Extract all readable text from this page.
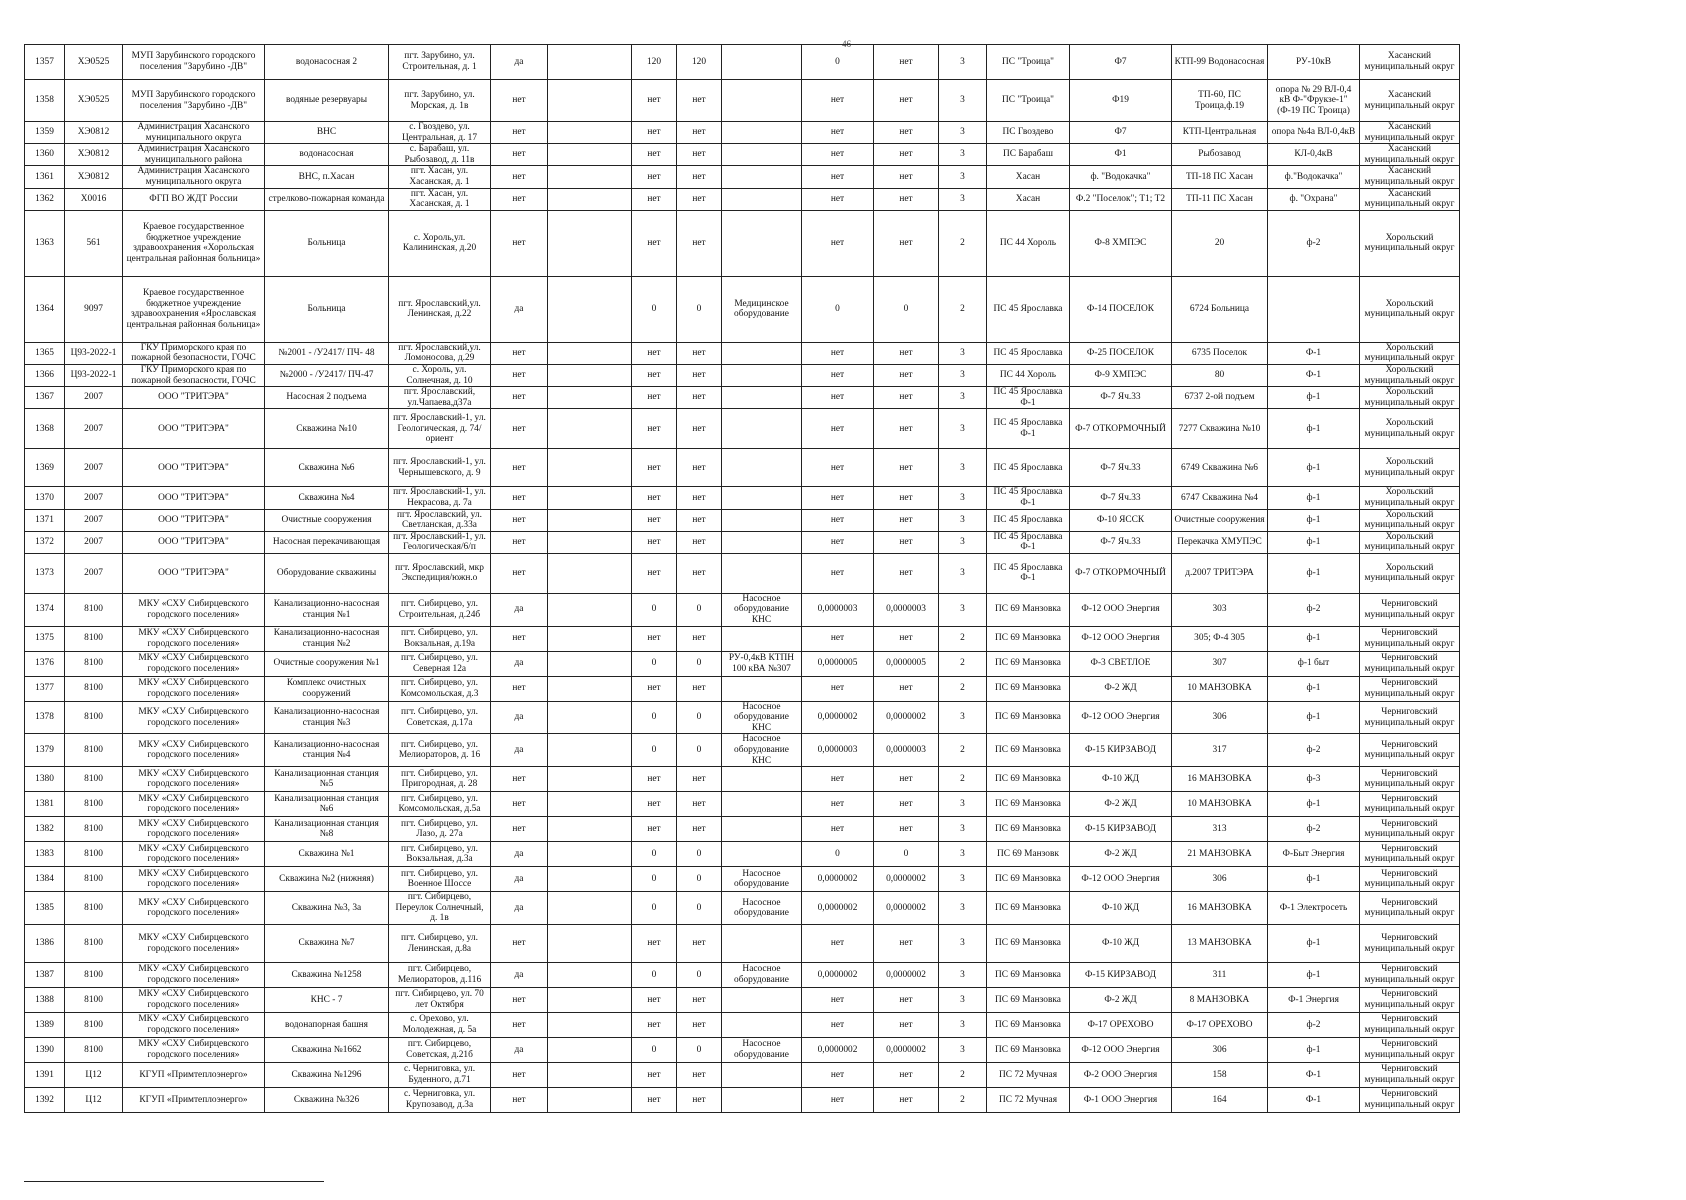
46
1357	ХЭ0525	МУП Зарубинского городского поселения "Зарубино -ДВ"	водонасосная 2	пгт. Зарубино, ул. Строительная, д. 1	да		120	120		0	нет	3	ПС "Троица"	Ф7	КТП-99 Водонасосная	РУ-10кВ	Хасанский муниципальный округ
1358	ХЭ0525	МУП Зарубинского городского поселения "Зарубино -ДВ"	водяные резервуары	пгт. Зарубино, ул. Морская, д. 1в	нет		нет	нет		нет	нет	3	ПС "Троица"	Ф19	ТП-60, ПС Троица,ф.19	опора № 29 ВЛ-0,4 кВ Ф-"Фрукзе-1"(Ф-19 ПС Троица)	Хасанский муниципальный округ
1359	ХЭ0812	Администрация Хасанского муниципального округа	ВНС	с. Гвоздево, ул. Центральная, д. 17	нет		нет	нет		нет	нет	3	ПС Гвоздево	Ф7	КТП-Центральная	опора №4а ВЛ-0,4кВ	Хасанский муниципальный округ
1360	ХЭ0812	Администрация Хасанского муниципального района	водонасосная	с. Барабаш, ул. Рыбозавод, д. 11в	нет		нет	нет		нет	нет	3	ПС Барабаш	Ф1	Рыбозавод	КЛ-0,4кВ	Хасанский муниципальный округ
1361	ХЭ0812	Администрация Хасанского муниципального округа	ВНС, п.Хасан	пгт. Хасан, ул. Хасанская, д. 1	нет		нет	нет		нет	нет	3	Хасан	ф. "Водокачка"	ТП-18 ПС Хасан	ф."Водокачка"	Хасанский муниципальный округ
1362	Х0016	ФГП ВО ЖДТ России	стрелково-пожарная команда	пгт. Хасан, ул. Хасанская, д. 1	нет		нет	нет		нет	нет	3	Хасан	Ф.2 "Поселок"; Т1; Т2	ТП-11 ПС Хасан	ф. "Охрана"	Хасанский муниципальный округ
1363	561	Краевое государственное бюджетное учреждение здравоохранения «Хорольская центральная районная больница»	Больница	с. Хороль,ул. Калининская, д.20	нет		нет	нет		нет	нет	2	ПС 44 Хороль	Ф-8 ХМПЭС	20	ф-2	Хорольский муниципальный округ
1364	9097	Краевое государственное бюджетное учреждение здравоохранения «Ярославская центральная районная больница»	Больница	пгт. Ярославский,ул. Ленинская, д.22	да		0	0	Медицинское оборудование	0	0	2	ПС 45 Ярославка	Ф-14 ПОСЕЛОК	6724 Больница		Хорольский муниципальный округ
1365	Ц93-2022-1	ГКУ Приморского края по пожарной безопасности, ГОЧС	№2001 - /У2417/ ПЧ- 48	пгт. Ярославский,ул. Ломоносова, д.29	нет		нет	нет		нет	нет	3	ПС 45 Ярославка	Ф-25 ПОСЕЛОК	6735 Поселок	Ф-1	Хорольский муниципальный округ
1366	Ц93-2022-1	ГКУ Приморского края по пожарной безопасности, ГОЧС	№2000 - /У2417/ ПЧ-47	с. Хороль, ул. Солнечная, д. 10	нет		нет	нет		нет	нет	3	ПС 44 Хороль	Ф-9 ХМПЭС	80	Ф-1	Хорольский муниципальный округ
1367	2007	ООО "ТРИТЭРА"	Насосная 2 подъема	пгт. Ярославский, ул.Чапаева,д37а	нет		нет	нет		нет	нет	3	ПС 45 Ярославка Ф-1	Ф-7 Яч.33	6737 2-ой подъем	ф-1	Хорольский муниципальный округ
1368	2007	ООО "ТРИТЭРА"	Скважина №10	пгт. Ярославский-1, ул. Геологическая, д. 74/ориент	нет		нет	нет		нет	нет	3	ПС 45 Ярославка Ф-1	Ф-7 ОТКОРМОЧНЫЙ	7277 Скважина №10	ф-1	Хорольский муниципальный округ
1369	2007	ООО "ТРИТЭРА"	Скважина №6	пгт. Ярославский-1, ул. Чернышевского, д. 9	нет		нет	нет		нет	нет	3	ПС 45 Ярославка	Ф-7 Яч.33	6749 Скважина №6	ф-1	Хорольский муниципальный округ
1370	2007	ООО "ТРИТЭРА"	Скважина №4	пгт. Ярославский-1, ул. Некрасова, д. 7а	нет		нет	нет		нет	нет	3	ПС 45 Ярославка Ф-1	Ф-7 Яч.33	6747 Скважина №4	ф-1	Хорольский муниципальный округ
1371	2007	ООО "ТРИТЭРА"	Очистные сооружения	пгт. Ярославский, ул. Светланская, д.33а	нет		нет	нет		нет	нет	3	ПС 45 Ярославка	Ф-10 ЯССК	Очистные сооружения	ф-1	Хорольский муниципальный округ
1372	2007	ООО "ТРИТЭРА"	Насосная перекачивающая	пгт. Ярославский-1, ул. Геологическая/6/п	нет		нет	нет		нет	нет	3	ПС 45 Ярославка Ф-1	Ф-7 Яч.33	Перекачка ХМУПЭС	ф-1	Хорольский муниципальный округ
1373	2007	ООО "ТРИТЭРА"	Оборудование скважины	пгт. Ярославский, мкр Экспедиция/южн.о	нет		нет	нет		нет	нет	3	ПС 45 Ярославка Ф-1	Ф-7 ОТКОРМОЧНЫЙ	д.2007 ТРИТЭРА	ф-1	Хорольский муниципальный округ
1374	8100	МКУ «СХУ Сибирцевского городского поселения»	Канализационно-насосная станция №1	пгт. Сибирцево, ул. Строительная, д.24б	да		0	0	Насосное оборудование КНС	0,0000003	0,0000003	3	ПС 69 Манзовка	Ф-12 ООО Энергия	303	ф-2	Черниговский муниципальный округ
1375	8100	МКУ «СХУ Сибирцевского городского поселения»	Канализационно-насосная станция №2	пгт. Сибирцево, ул. Вокзальная, д.19а	нет		нет	нет		нет	нет	2	ПС 69 Манзовка	Ф-12 ООО Энергия	305; Ф-4 305	ф-1	Черниговский муниципальный округ
1376	8100	МКУ «СХУ Сибирцевского городского поселения»	Очистные сооружения №1	пгт. Сибирцево, ул. Северная 12а	да		0	0	РУ-0,4кВ КТПН 100 кВА №307	0,0000005	0,0000005	2	ПС 69 Манзовка	Ф-3 СВЕТЛОЕ	307	ф-1 быт	Черниговский муниципальный округ
1377	8100	МКУ «СХУ Сибирцевского городского поселения»	Комплекс очистных сооружений	пгт. Сибирцево, ул. Комсомольская, д.3	нет		нет	нет		нет	нет	2	ПС 69 Манзовка	Ф-2 ЖД	10 МАНЗОВКА	ф-1	Черниговский муниципальный округ
1378	8100	МКУ «СХУ Сибирцевского городского поселения»	Канализационно-насосная станция №3	пгт. Сибирцево, ул. Советская, д.17а	да		0	0	Насосное оборудование КНС	0,0000002	0,0000002	3	ПС 69 Манзовка	Ф-12 ООО Энергия	306	ф-1	Черниговский муниципальный округ
1379	8100	МКУ «СХУ Сибирцевского городского поселения»	Канализационно-насосная станция №4	пгт. Сибирцево, ул. Мелиораторов, д. 16	да		0	0	Насосное оборудование КНС	0,0000003	0,0000003	2	ПС 69 Манзовка	Ф-15 КИРЗАВОД	317	ф-2	Черниговский муниципальный округ
1380	8100	МКУ «СХУ Сибирцевского городского поселения»	Канализационная станция №5	пгт. Сибирцево, ул. Пригородная, д. 28	нет		нет	нет		нет	нет	2	ПС 69 Манзовка	Ф-10 ЖД	16 МАНЗОВКА	ф-3	Черниговский муниципальный округ
1381	8100	МКУ «СХУ Сибирцевского городского поселения»	Канализационная станция №6	пгт. Сибирцево, ул. Комсомольская, д.5а	нет		нет	нет		нет	нет	3	ПС 69 Манзовка	Ф-2 ЖД	10 МАНЗОВКА	ф-1	Черниговский муниципальный округ
1382	8100	МКУ «СХУ Сибирцевского городского поселения»	Канализационная станция №8	пгт. Сибирцево, ул. Лазо, д. 27а	нет		нет	нет		нет	нет	3	ПС 69 Манзовка	Ф-15 КИРЗАВОД	313	ф-2	Черниговский муниципальный округ
1383	8100	МКУ «СХУ Сибирцевского городского поселения»	Скважина №1	пгт. Сибирцево, ул. Вокзальная, д.3а	да		0	0		0	0	3	ПС 69 Манзовк	Ф-2 ЖД	21 МАНЗОВКА	Ф-Быт Энергия	Черниговский муниципальный округ
1384	8100	МКУ «СХУ Сибирцевского городского поселения»	Скважина №2 (нижняя)	пгт. Сибирцево, ул. Военное Шоссе	да		0	0	Насосное оборудование	0,0000002	0,0000002	3	ПС 69 Манзовка	Ф-12 ООО Энергия	306	ф-1	Черниговский муниципальный округ
1385	8100	МКУ «СХУ Сибирцевского городского поселения»	Скважина №3, 3а	пгт. Сибирцево, Переулок Солнечный, д. 1в	да		0	0	Насосное оборудование	0,0000002	0,0000002	3	ПС 69 Манзовка	Ф-10 ЖД	16 МАНЗОВКА	Ф-1 Электросеть	Черниговский муниципальный округ
1386	8100	МКУ «СХУ Сибирцевского городского поселения»	Скважина №7	пгт. Сибирцево, ул. Ленинская, д.8а	нет		нет	нет		нет	нет	3	ПС 69 Манзовка	Ф-10 ЖД	13 МАНЗОВКА	ф-1	Черниговский муниципальный округ
1387	8100	МКУ «СХУ Сибирцевского городского поселения»	Скважина №1258	пгт. Сибирцево, Мелиораторов, д.116	да		0	0	Насосное оборудование	0,0000002	0,0000002	3	ПС 69 Манзовка	Ф-15 КИРЗАВОД	311	ф-1	Черниговский муниципальный округ
1388	8100	МКУ «СХУ Сибирцевского городского поселения»	КНС - 7	пгт. Сибирцево, ул. 70 лет Октября	нет		нет	нет		нет	нет	3	ПС 69 Манзовка	Ф-2 ЖД	8 МАНЗОВКА	Ф-1 Энергия	Черниговский муниципальный округ
1389	8100	МКУ «СХУ Сибирцевского городского поселения»	водонапорная башня	с. Орехово, ул. Молодежная, д. 5а	нет		нет	нет		нет	нет	3	ПС 69 Манзовка	Ф-17 ОРЕХОВО	Ф-17 ОРЕХОВО	ф-2	Черниговский муниципальный округ
1390	8100	МКУ «СХУ Сибирцевского городского поселения»	Скважина №1662	пгт. Сибирцево, Советская, д.21б	да		0	0	Насосное оборудование	0,0000002	0,0000002	3	ПС 69 Манзовка	Ф-12 ООО Энергия	306	ф-1	Черниговский муниципальный округ
1391	Ц12	КГУП «Примтеплоэнерго»	Скважина №1296	с. Черниговка, ул. Буденного, д.71	нет		нет	нет		нет	нет	2	ПС 72 Мучная	Ф-2 ООО Энергия	158	Ф-1	Черниговский муниципальный округ
1392	Ц12	КГУП «Примтеплоэнерго»	Скважина №326	с. Черниговка, ул. Крупозавод, д.3а	нет		нет	нет		нет	нет	2	ПС 72 Мучная	Ф-1 ООО Энергия	164	Ф-1	Черниговский муниципальный округ
